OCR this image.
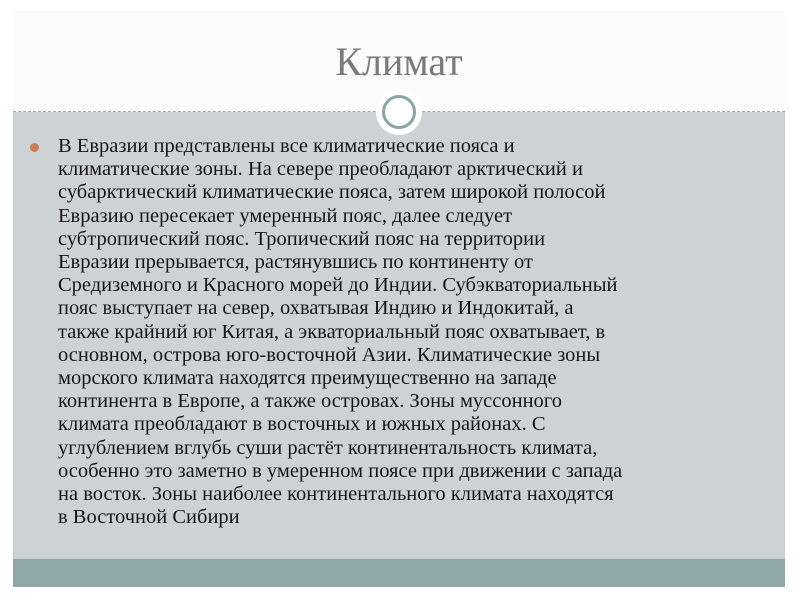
Климат
В Евразии представлены все климатические пояса и
климатические зоны. На севере преобладают арктический и
субарктический климатические пояса, затем широкой полосой
Евразию пересекает умеренный пояс, далее следует
субтропический пояс. Тропический пояс на территории
Евразии прерывается, растянувшись по континенту от
Средиземного и Красного морей до Индии. Субэкваториальный
пояс выступает на север, охватывая Индию и Индокитай, а
также крайний юг Китая, а экваториальный пояс охватывает, в
основном, острова юго-восточной Азии. Климатические зоны
морского климата находятся преимущественно на западе
континента в Европе, а также островах. Зоны муссонного
климата преобладают в восточных и южных районах. С
углублением вглубь суши растёт континентальность климата,
особенно это заметно в умеренном поясе при движении с запада
на восток. Зоны наиболее континентального климата находятся
в Восточной Сибири
